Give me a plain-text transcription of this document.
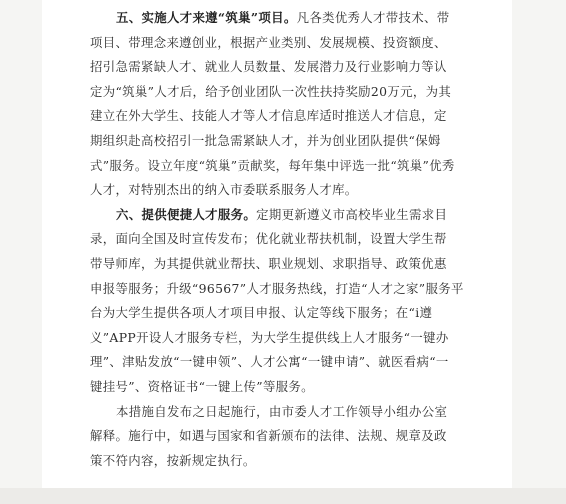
五、实施人才来遵“筑巢”项目。凡各类优秀人才带技术、带
项目、带理念来遵创业，根据产业类别、发展规模、投资额度、
招引急需紧缺人才、就业人员数量、发展潜力及行业影响力等认
定为“筑巢”人才后，给予创业团队一次性扶持奖励20万元，为其
建立在外大学生、技能人才等人才信息库适时推送人才信息，定
期组织赴高校招引一批急需紧缺人才，并为创业团队提供“保姆
式”服务。设立年度“筑巢”贡献奖，每年集中评选一批“筑巢”优秀
人才，对特别杰出的纳入市委联系服务人才库。
六、提供便捷人才服务。定期更新遵义市高校毕业生需求目
录，面向全国及时宣传发布；优化就业帮扶机制，设置大学生帮
带导师库，为其提供就业帮扶、职业规划、求职指导、政策优惠
申报等服务；升级“96567”人才服务热线，打造“人才之家”服务平
台为大学生提供各项人才项目申报、认定等线下服务；在“i遵
义”APP开设人才服务专栏，为大学生提供线上人才服务“一键办
理”、津贴发放“一键申领”、人才公寓“一键申请”、就医看病“一
键挂号”、资格证书“一键上传”等服务。
本措施自发布之日起施行，由市委人才工作领导小组办公室
解释。施行中，如遇与国家和省新颁布的法律、法规、规章及政
策不符内容，按新规定执行。
